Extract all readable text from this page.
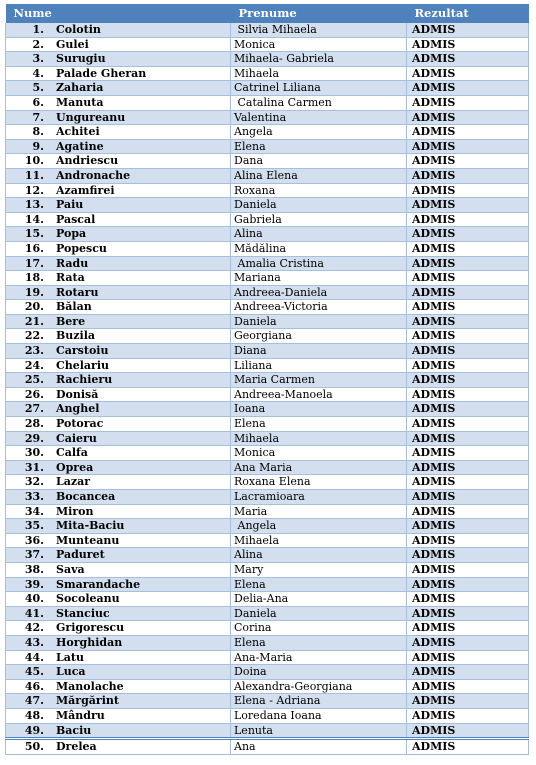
Nume	Prenume	Rezultat
1. Colotin	Silvia Mihaela	ADMIS
2. Gulei	Monica	ADMIS
3. Surugiu	Mihaela- Gabriela	ADMIS
4. Palade Gheran	Mihaela	ADMIS
5. Zaharia	Catrinel Liliana	ADMIS
6. Manuta	Catalina Carmen	ADMIS
7. Ungureanu	Valentina	ADMIS
8. Achitei	Angela	ADMIS
9. Agatine	Elena	ADMIS
10. Andriescu	Dana	ADMIS
11. Andronache	Alina Elena	ADMIS
12. Azamfirei	Roxana	ADMIS
13. Paiu	Daniela	ADMIS
14. Pascal	Gabriela	ADMIS
15. Popa	Alina	ADMIS
16. Popescu	Mădălina	ADMIS
17. Radu	Amalia Cristina	ADMIS
18. Rata	Mariana	ADMIS
19. Rotaru	Andreea-Daniela	ADMIS
20. Bălan	Andreea-Victoria	ADMIS
21. Bere	Daniela	ADMIS
22. Buzila	Georgiana	ADMIS
23. Carstoiu	Diana	ADMIS
24. Chelariu	Liliana	ADMIS
25. Rachieru	Maria Carmen	ADMIS
26. Donisă	Andreea-Manoela	ADMIS
27. Anghel	Ioana	ADMIS
28. Potorac	Elena	ADMIS
29. Caieru	Mihaela	ADMIS
30. Calfa	Monica	ADMIS
31. Oprea	Ana Maria	ADMIS
32. Lazar	Roxana Elena	ADMIS
33. Bocancea	Lacramioara	ADMIS
34. Miron	Maria	ADMIS
35. Mita-Baciu	Angela	ADMIS
36. Munteanu	Mihaela	ADMIS
37. Paduret	Alina	ADMIS
38. Sava	Mary	ADMIS
39. Smarandache	Elena	ADMIS
40. Socoleanu	Delia-Ana	ADMIS
41. Stanciuc	Daniela	ADMIS
42. Grigorescu	Corina	ADMIS
43. Horghidan	Elena	ADMIS
44. Latu	Ana-Maria	ADMIS
45. Luca	Doina	ADMIS
46. Manolache	Alexandra-Georgiana	ADMIS
47. Mărgărint	Elena - Adriana	ADMIS
48. Mândru	Loredana Ioana	ADMIS
49. Baciu	Lenuta	ADMIS
50. Drelea	Ana	ADMIS
